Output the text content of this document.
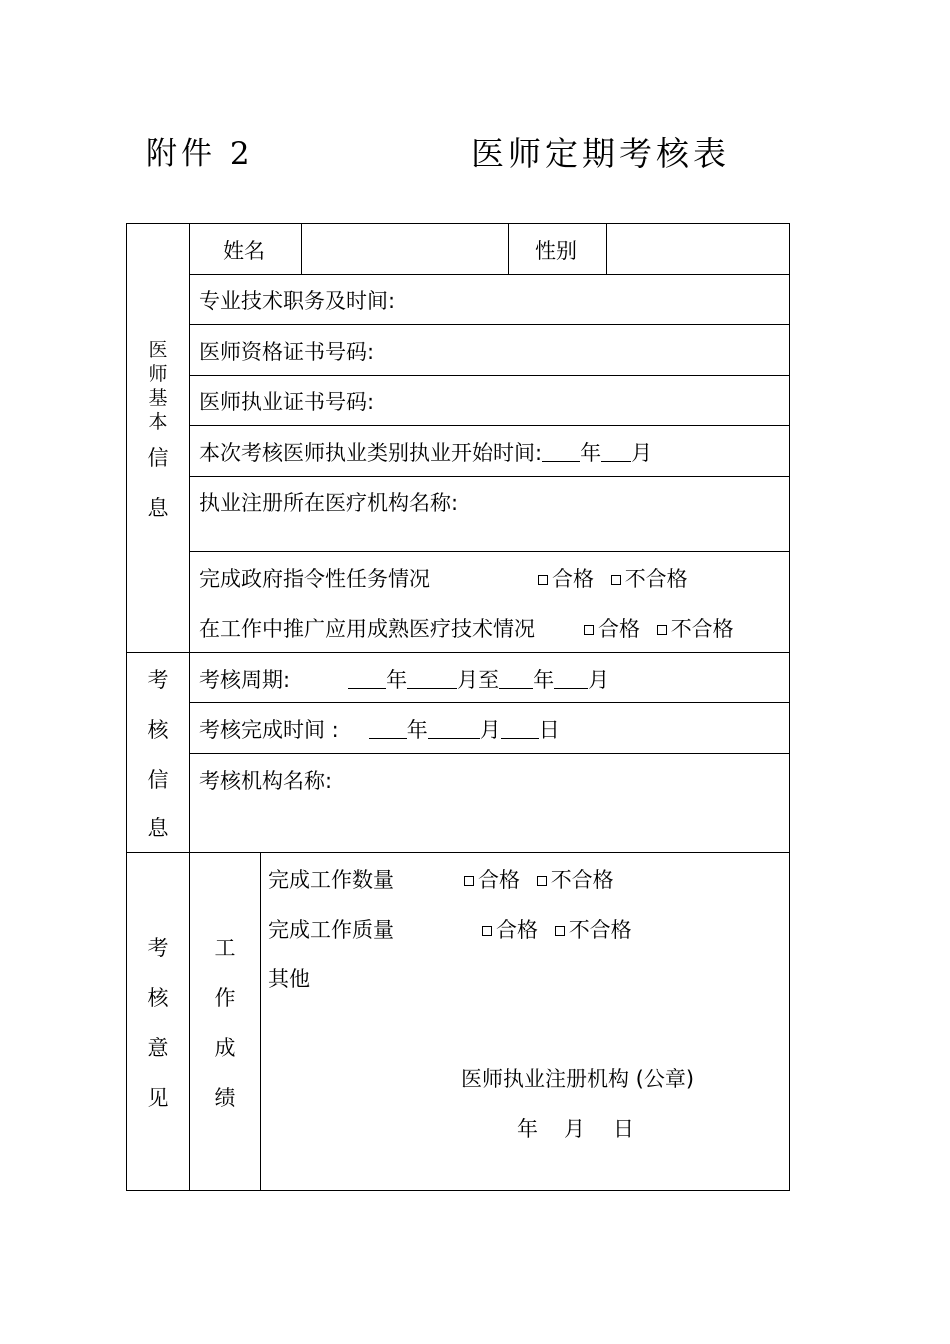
附件 2	医师定期考核表
医
师
基
本
信
息
姓名	性别
专业技术职务及时间:
医师资格证书号码:
医师执业证书号码:
本次考核医师执业类别执业开始时间: 年 月
执业注册所在医疗机构名称:
完成政府指令性任务情况	合格 不合格
在工作中推广应用成熟医疗技术情况	合格 不合格
考
核
信
息
考核周期:	年 月至 年 月
考核完成时间 :	年 月 日
考核机构名称:
考
核
意
见
工
作
成
绩
完成工作数量	合格 不合格
完成工作质量	合格 不合格
其他
医师执业注册机构 (公章)
年 月 日
